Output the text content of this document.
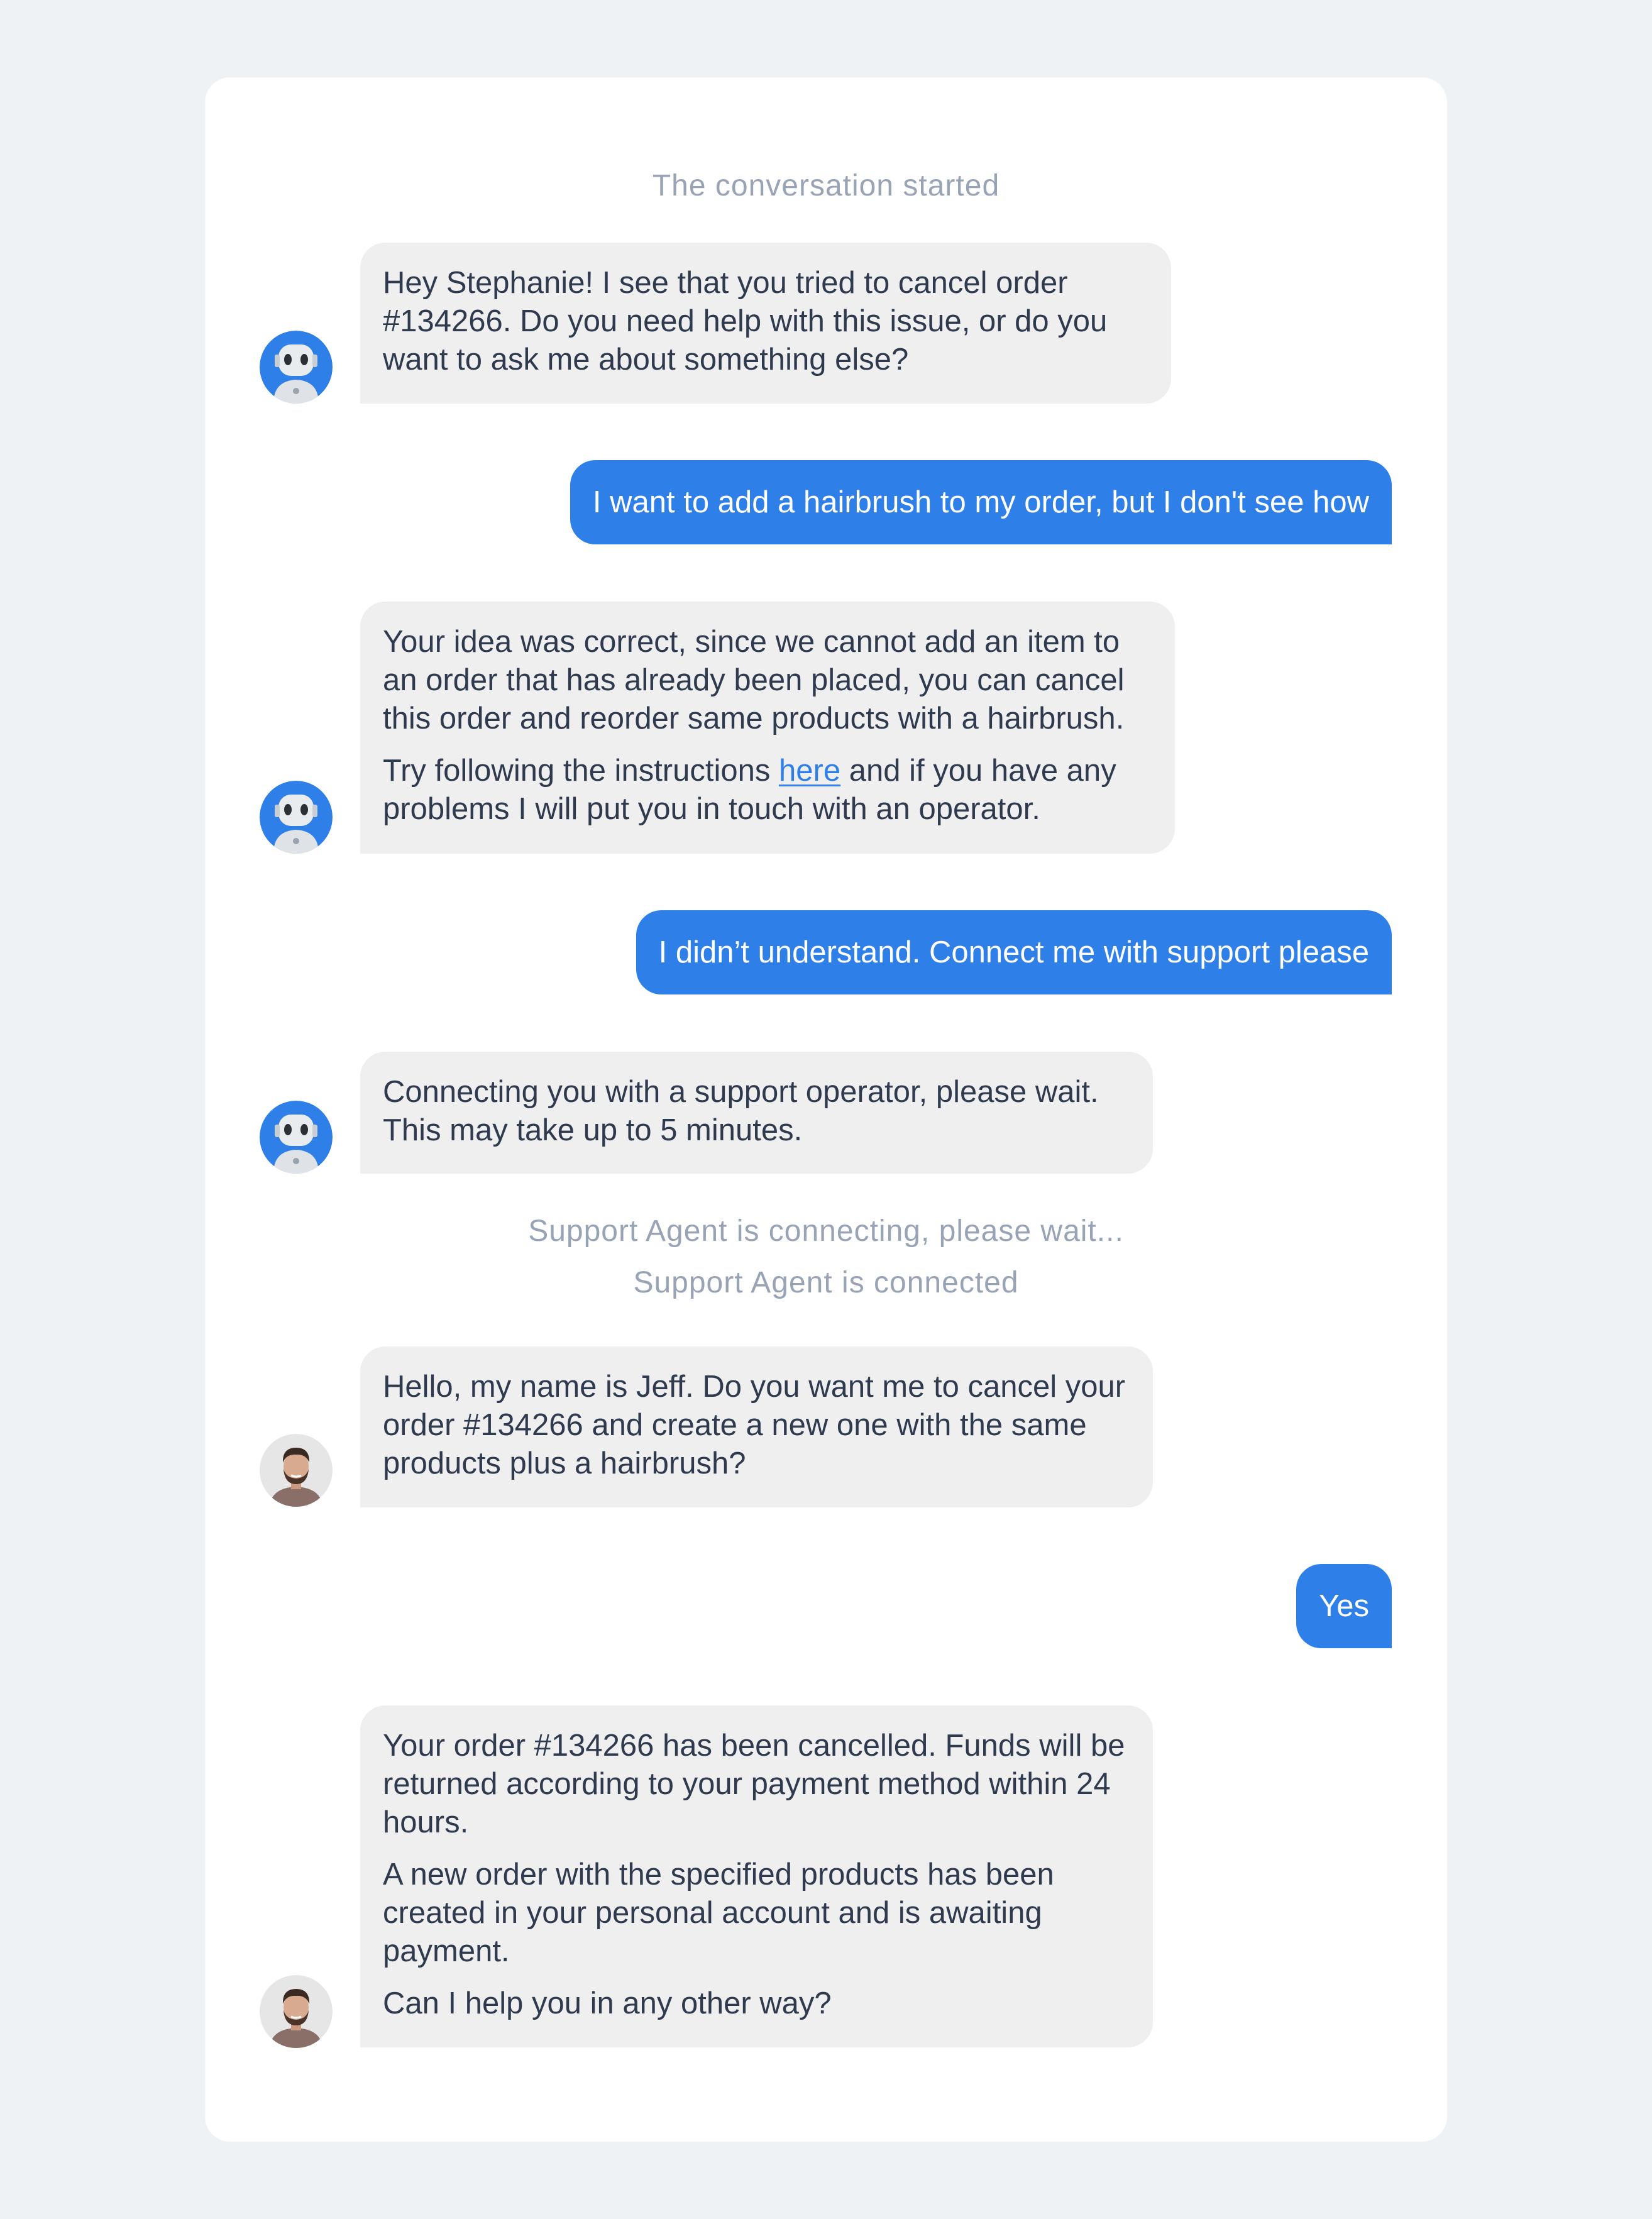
The conversation started

Hey Stephanie! I see that you tried to cancel order #134266. Do you need help with this issue, or do you want to ask me about something else?

I want to add a hairbrush to my order, but I don't see how

Your idea was correct, since we cannot add an item to an order that has already been placed, you can cancel this order and reorder same products with a hairbrush.

Try following the instructions here and if you have any problems I will put you in touch with an operator.

I didn’t understand. Connect me with support please

Connecting you with a support operator, please wait. This may take up to 5 minutes.

Support Agent is connecting, please wait...
Support Agent is connected

Hello, my name is Jeff. Do you want me to cancel your order #134266 and create a new one with the same products plus a hairbrush?

Yes

Your order #134266 has been cancelled. Funds will be returned according to your payment method within 24 hours.

A new order with the specified products has been created in your personal account and is awaiting payment.

Can I help you in any other way?
